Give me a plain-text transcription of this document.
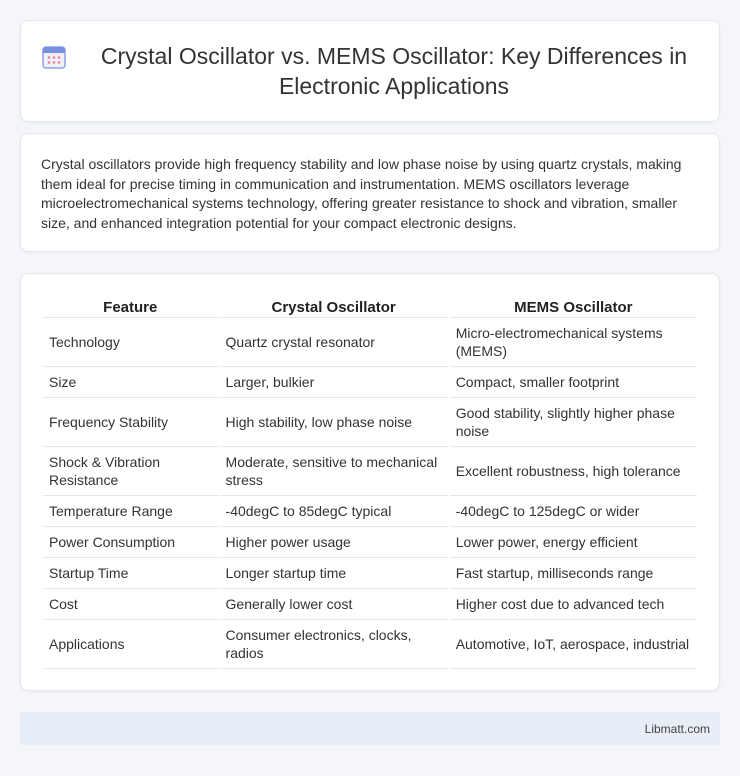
Crystal Oscillator vs. MEMS Oscillator: Key Differences in Electronic Applications

Crystal oscillators provide high frequency stability and low phase noise by using quartz crystals, making them ideal for precise timing in communication and instrumentation. MEMS oscillators leverage microelectromechanical systems technology, offering greater resistance to shock and vibration, smaller size, and enhanced integration potential for your compact electronic designs.

Feature	Crystal Oscillator	MEMS Oscillator
Technology	Quartz crystal resonator	Micro-electromechanical systems (MEMS)
Size	Larger, bulkier	Compact, smaller footprint
Frequency Stability	High stability, low phase noise	Good stability, slightly higher phase noise
Shock & Vibration Resistance	Moderate, sensitive to mechanical stress	Excellent robustness, high tolerance
Temperature Range	-40degC to 85degC typical	-40degC to 125degC or wider
Power Consumption	Higher power usage	Lower power, energy efficient
Startup Time	Longer startup time	Fast startup, milliseconds range
Cost	Generally lower cost	Higher cost due to advanced tech
Applications	Consumer electronics, clocks, radios	Automotive, IoT, aerospace, industrial
Libmatt.com
